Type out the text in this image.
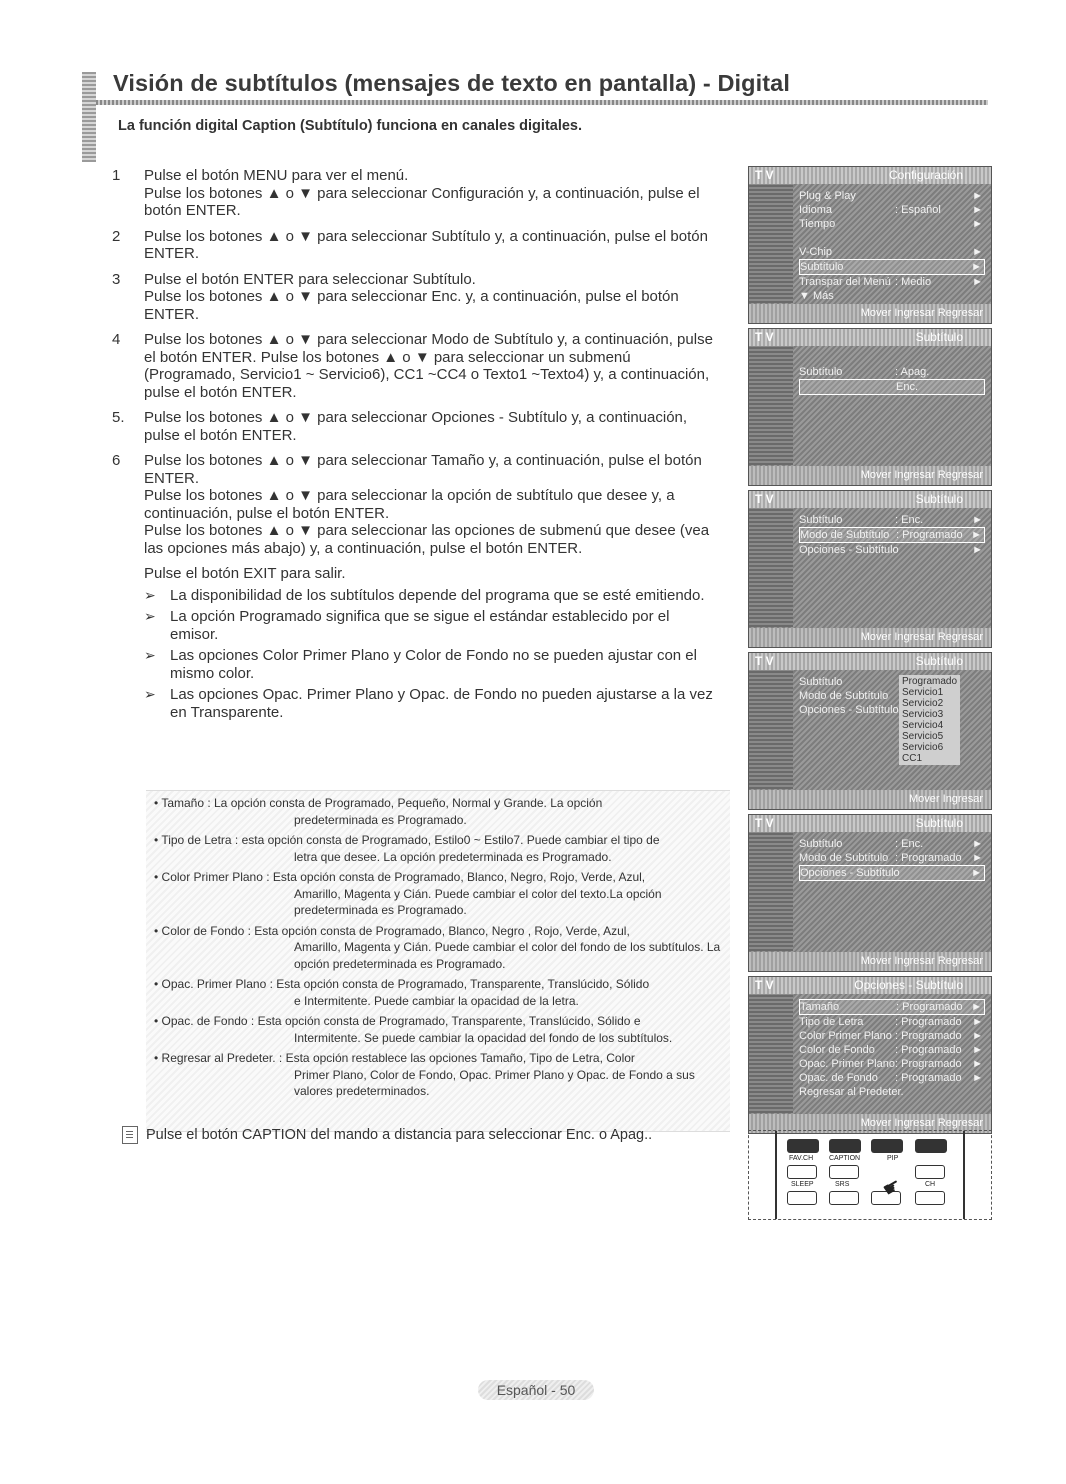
Visión de subtítulos (mensajes de texto en pantalla) - Digital
La función digital Caption (Subtítulo) funciona en canales digitales.
1 Pulse el botón MENU para ver el menú.

Pulse los botones ▲ o ▼ para seleccionar Configuración y, a continuación, pulse el botón ENTER.

2 Pulse los botones ▲ o ▼ para seleccionar Subtítulo y, a continuación, pulse el botón ENTER.

3 Pulse el botón ENTER para seleccionar Subtítulo.

Pulse los botones ▲ o ▼ para seleccionar Enc. y, a continuación, pulse el botón ENTER.

4 Pulse los botones ▲ o ▼ para seleccionar Modo de Subtítulo y, a continuación, pulse el botón ENTER. Pulse los botones ▲ o ▼ para seleccionar un submenú (Programado, Servicio1 ~ Servicio6), CC1 ~CC4 o Texto1 ~Texto4) y, a continuación, pulse el botón ENTER.

5. Pulse los botones ▲ o ▼ para seleccionar Opciones - Subtítulo y, a continuación, pulse el botón ENTER.

6 Pulse los botones ▲ o ▼ para seleccionar Tamaño y, a continuación, pulse el botón ENTER.

Pulse los botones ▲ o ▼ para seleccionar la opción de subtítulo que desee y, a continuación, pulse el botón ENTER.

Pulse los botones ▲ o ▼ para seleccionar las opciones de submenú que desee (vea las opciones más abajo) y, a continuación, pulse el botón ENTER.

Pulse el botón EXIT para salir.
➢ La disponibilidad de los subtítulos depende del programa que se esté emitiendo.
➢ La opción Programado significa que se sigue el estándar establecido por el emisor.
➢ Las opciones Color Primer Plano y Color de Fondo no se pueden ajustar con el mismo color.
➢ Las opciones Opac. Primer Plano y Opac. de Fondo no pueden ajustarse a la vez en Transparente.
• Tamaño : La opción consta de Programado, Pequeño, Normal y Grande. La opción
predeterminada es Programado.
• Tipo de Letra : esta opción consta de Programado, Estilo0 ~ Estilo7. Puede cambiar el tipo de
letra que desee. La opción predeterminada es Programado.
• Color Primer Plano : Esta opción consta de Programado, Blanco, Negro, Rojo, Verde, Azul,
Amarillo, Magenta y Cián. Puede cambiar el color del texto.La opción predeterminada es Programado.
• Color de Fondo : Esta opción consta de Programado, Blanco, Negro , Rojo, Verde, Azul,
Amarillo, Magenta y Cián. Puede cambiar el color del fondo de los subtítulos. La opción predeterminada es Programado.
• Opac. Primer Plano : Esta opción consta de Programado, Transparente, Translúcido, Sólido
e Intermitente. Puede cambiar la opacidad de la letra.
• Opac. de Fondo : Esta opción consta de Programado, Transparente, Translúcido, Sólido e
Intermitente. Se puede cambiar la opacidad del fondo de los subtítulos.
• Regresar al Predeter. : Esta opción restablece las opciones Tamaño, Tipo de Letra, Color
Primer Plano, Color de Fondo, Opac. Primer Plano y Opac. de Fondo a sus valores predeterminados.
Pulse el botón CAPTION del mando a distancia para seleccionar Enc. o Apag..
T V	Configuración
Plug & Play	►
Idioma	: Español	►
Tiempo	►
V-Chip	►
Subtítulo	►
Transpar del Menú : Medio	►
▼ Más
Mover Ingresar Regresar
T V	Subtítulo
Subtítulo	: Apag.
Enc.
Mover Ingresar Regresar
T V	Subtítulo
Subtítulo	: Enc.	►
Modo de Subtítulo : Programado ►
Opciones - Subtítulo	►
Mover Ingresar Regresar
T V	Subtítulo
Subtítulo
Modo de Subtítulo
Opciones - Subtítulo
Programado
Servicio1
Servicio2
Servicio3
Servicio4
Servicio5
Servicio6
CC1
Mover Ingresar
T V	Subtítulo
Subtítulo	: Enc.	►
Modo de Subtítulo : Programado ►
Opciones - Subtítulo	►
Mover Ingresar Regresar
T V	Opciones - Subtítulo
Tamaño	: Programado ►
Tipo de Letra	: Programado ►
Color Primer Plano : Programado ►
Color de Fondo : Programado ►
Opac. Primer Plano : Programado ►
Opac. de Fondo : Programado ►
Regresar al Predeter.
Mover Ingresar Regresar
FAV.CH CAPTION	PIP
SLEEP	SRS	CH
☛
Español - 50
